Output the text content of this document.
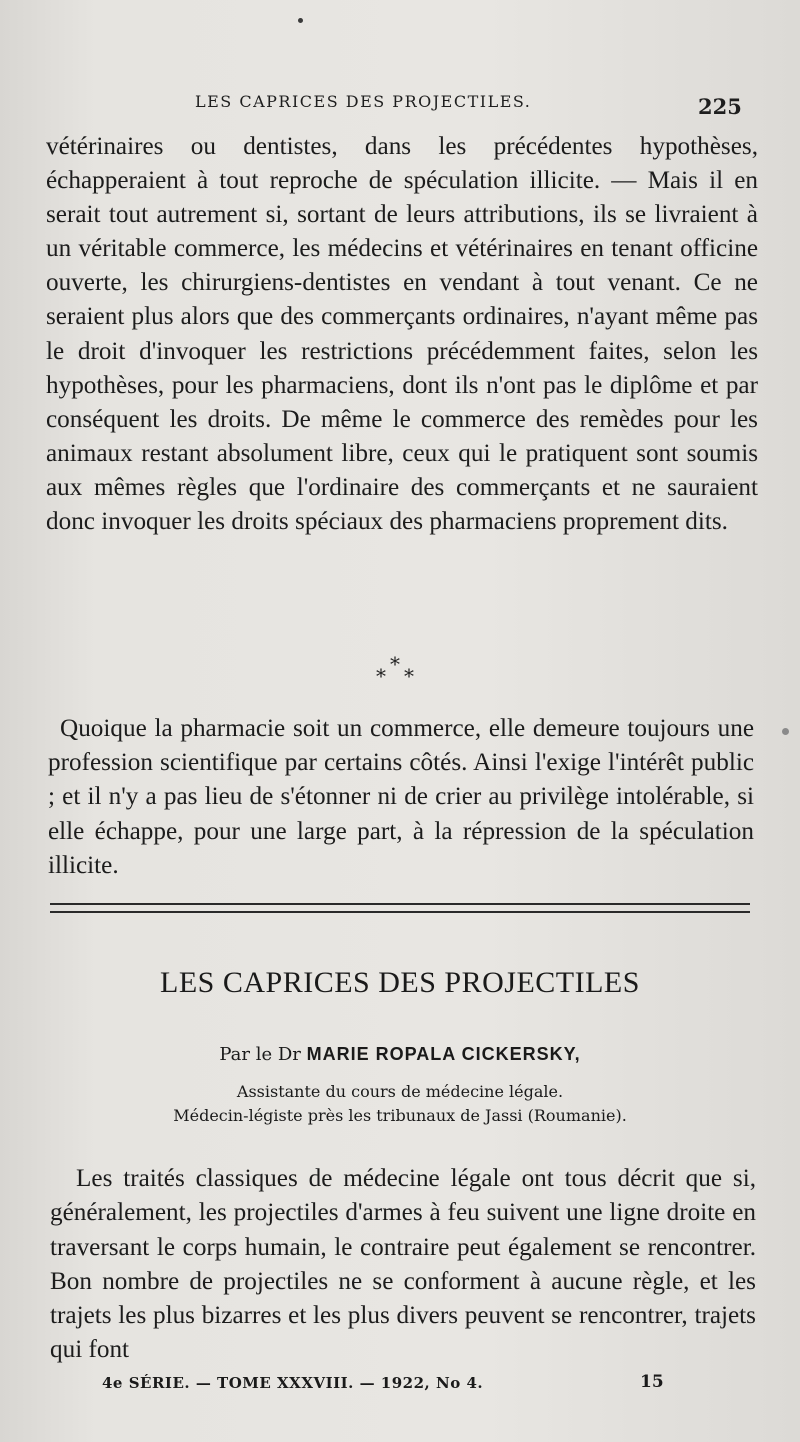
LES CAPRICES DES PROJECTILES.	225

vétérinaires ou dentistes, dans les précédentes hypothèses, échapperaient à tout reproche de spéculation illicite. — Mais il en serait tout autrement si, sortant de leurs attributions, ils se livraient à un véritable commerce, les médecins et vétérinaires en tenant officine ouverte, les chirurgiens-dentistes en vendant à tout venant. Ce ne seraient plus alors que des commerçants ordinaires, n'ayant même pas le droit d'invoquer les restrictions précédemment faites, selon les hypothèses, pour les pharmaciens, dont ils n'ont pas le diplôme et par conséquent les droits. De même le commerce des remèdes pour les animaux restant absolument libre, ceux qui le pratiquent sont soumis aux mêmes règles que l'ordinaire des commerçants et ne sauraient donc invoquer les droits spéciaux des pharmaciens proprement dits.

*
* *

Quoique la pharmacie soit un commerce, elle demeure toujours une profession scientifique par certains côtés. Ainsi l'exige l'intérêt public ; et il n'y a pas lieu de s'étonner ni de crier au privilège intolérable, si elle échappe, pour une large part, à la répression de la spéculation illicite.

LES CAPRICES DES PROJECTILES
Par le Dr MARIE ROPALA CICKERSKY,
Assistante du cours de médecine légale.
Médecin-légiste près les tribunaux de Jassi (Roumanie).

Les traités classiques de médecine légale ont tous décrit que si, généralement, les projectiles d'armes à feu suivent une ligne droite en traversant le corps humain, le contraire peut également se rencontrer. Bon nombre de projectiles ne se conforment à aucune règle, et les trajets les plus bizarres et les plus divers peuvent se rencontrer, trajets qui font

4e SÉRIE. — TOME XXXVIII. — 1922, No 4.	15
